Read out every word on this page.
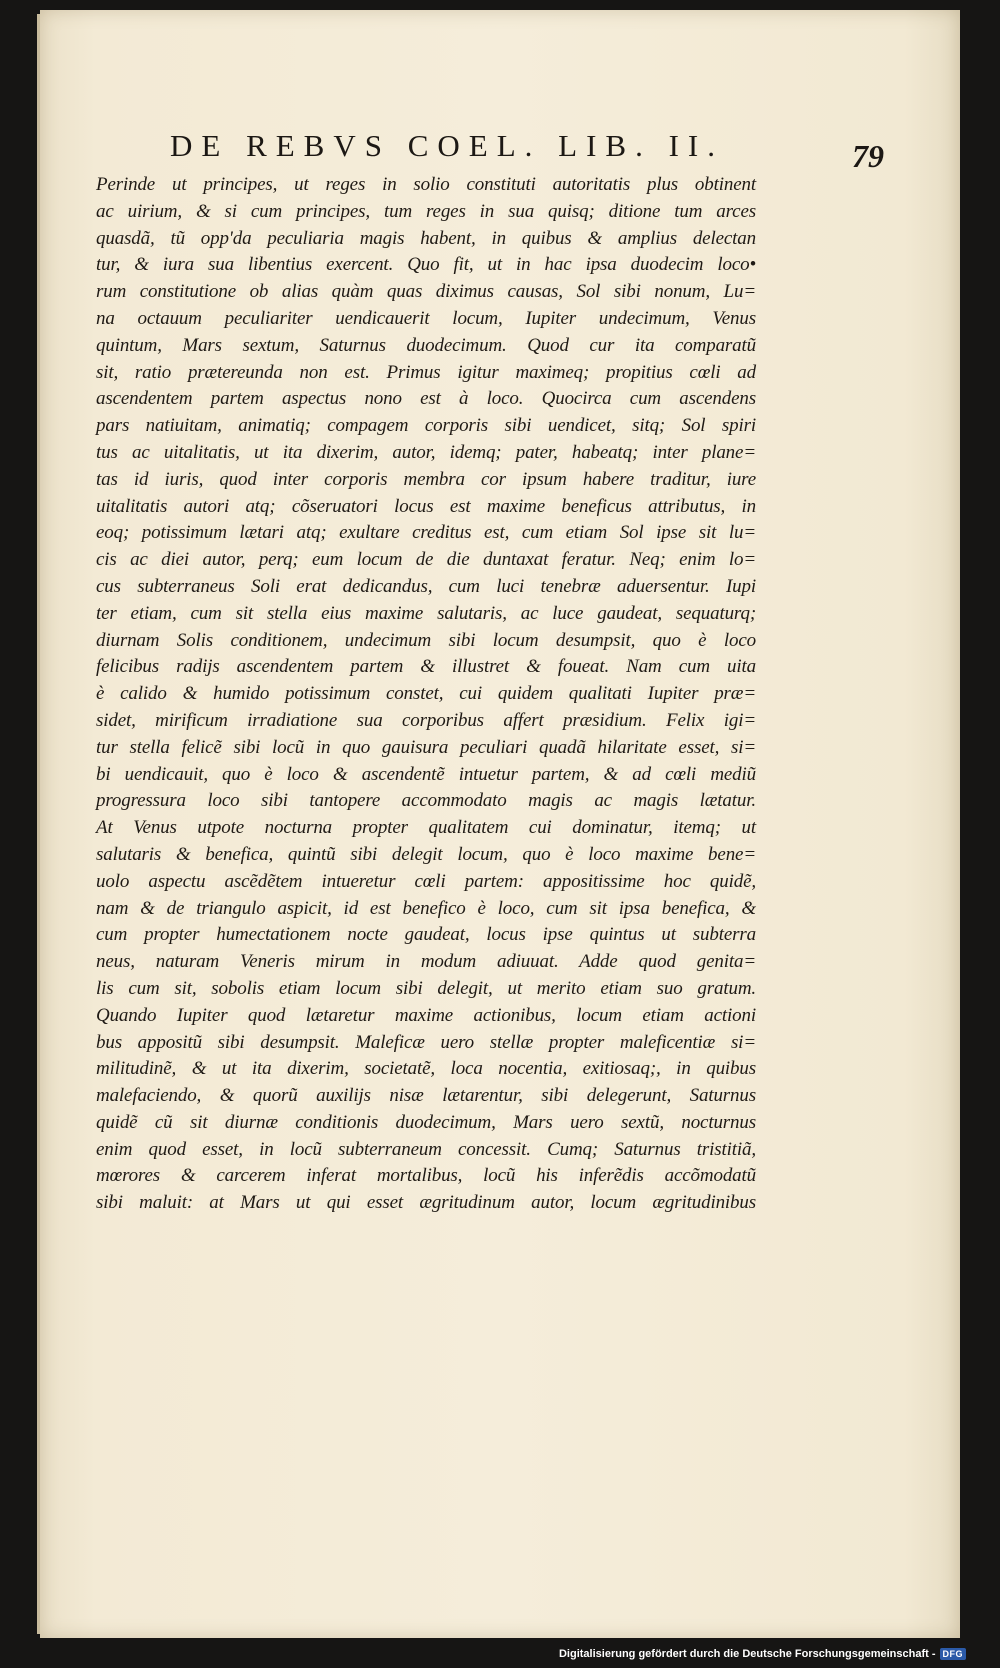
DE REBVS COEL. LIB. II.	79
Perinde ut principes, ut reges in solio constituti autoritatis plus obtinent
ac uirium, & si cum principes, tum reges in sua quisq; ditione tum arces
quasdã, tũ opp'da peculiaria magis habent, in quibus & amplius delectan
tur, & iura sua libentius exercent. Quo fit, ut in hac ipsa duodecim loco•
rum constitutione ob alias quàm quas diximus causas, Sol sibi nonum, Lu=
na octauum peculiariter uendicauerit locum, Iupiter undecimum, Venus
quintum, Mars sextum, Saturnus duodecimum. Quod cur ita comparatũ
sit, ratio prætereunda non est. Primus igitur maximeq; propitius cœli ad
ascendentem partem aspectus nono est à loco. Quocirca cum ascendens
pars natiuitam, animatiq; compagem corporis sibi uendicet, sitq; Sol spiri
tus ac uitalitatis, ut ita dixerim, autor, idemq; pater, habeatq; inter plane=
tas id iuris, quod inter corporis membra cor ipsum habere traditur, iure
uitalitatis autori atq; cõseruatori locus est maxime beneficus attributus, in
eoq; potissimum lætari atq; exultare creditus est, cum etiam Sol ipse sit lu=
cis ac diei autor, perq; eum locum de die duntaxat feratur. Neq; enim lo=
cus subterraneus Soli erat dedicandus, cum luci tenebræ aduersentur. Iupi
ter etiam, cum sit stella eius maxime salutaris, ac luce gaudeat, sequaturq;
diurnam Solis conditionem, undecimum sibi locum desumpsit, quo è loco
felicibus radijs ascendentem partem & illustret & foueat. Nam cum uita
è calido & humido potissimum constet, cui quidem qualitati Iupiter præ=
sidet, mirificum irradiatione sua corporibus affert præsidium. Felix igi=
tur stella felicẽ sibi locũ in quo gauisura peculiari quadã hilaritate esset, si=
bi uendicauit, quo è loco & ascendentẽ intuetur partem, & ad cœli mediũ
progressura loco sibi tantopere accommodato magis ac magis lætatur.
At Venus utpote nocturna propter qualitatem cui dominatur, itemq; ut
salutaris & benefica, quintũ sibi delegit locum, quo è loco maxime bene=
uolo aspectu ascẽdẽtem intueretur cœli partem: appositissime hoc quidẽ,
nam & de triangulo aspicit, id est benefico è loco, cum sit ipsa benefica, &
cum propter humectationem nocte gaudeat, locus ipse quintus ut subterra
neus, naturam Veneris mirum in modum adiuuat. Adde quod genita=
lis cum sit, sobolis etiam locum sibi delegit, ut merito etiam suo gratum.
Quando Iupiter quod lætaretur maxime actionibus, locum etiam actioni
bus appositũ sibi desumpsit. Maleficæ uero stellæ propter maleficentiæ si=
militudinẽ, & ut ita dixerim, societatẽ, loca nocentia, exitiosaq;, in quibus
malefaciendo, & quorũ auxilijs nisæ lætarentur, sibi delegerunt, Saturnus
quidẽ cũ sit diurnæ conditionis duodecimum, Mars uero sextũ, nocturnus
enim quod esset, in locũ subterraneum concessit. Cumq; Saturnus tristitiã,
mœrores & carcerem inferat mortalibus, locũ his inferẽdis accõmodatũ
sibi maluit: at Mars ut qui esset ægritudinum autor, locum ægritudinibus
Digitalisierung gefördert durch die Deutsche Forschungsgemeinschaft - DFG
